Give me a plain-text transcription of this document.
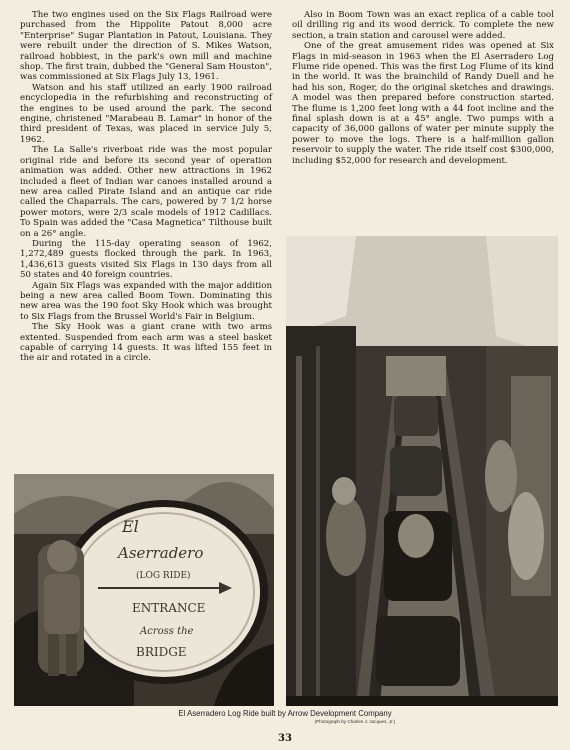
The two engines used on the Six Flags Railroad were purchased from the Hippolite Patout 8,000 acre "Enterprise" Sugar Plantation in Patout, Louisiana. They were rebuilt under the direction of S. Mikes Watson, railroad hobbiest, in the park's own mill and machine shop. The first train, dubbed the "General Sam Houston", was commissioned at Six Flags July 13, 1961.

Watson and his staff utilized an early 1900 railroad encyclopedia in the refurbishing and reconstructing of the engines to be used around the park. The second engine, christened "Marabeau B. Lamar" in honor of the third president of Texas, was placed in service July 5, 1962.

The La Salle's riverboat ride was the most popular original ride and before its second year of operation animation was added. Other new attractions in 1962 included a fleet of Indian war canoes installed around a new area called Pirate Island and an antique car ride called the Chaparrals. The cars, powered by 7 1/2 horse power motors, were 2/3 scale models of 1912 Cadillacs. To Spain was added the "Casa Magnetica" Tilthouse built on a 26° angle.

During the 115-day operating season of 1962, 1,272,489 guests flocked through the park. In 1963, 1,436,613 guests visited Six Flags in 130 days from all 50 states and 40 foreign countries.

Again Six Flags was expanded with the major addition being a new area called Boom Town. Dominating this new area was the 190 foot Sky Hook which was brought to Six Flags from the Brussel World's Fair in Belgium.

The Sky Hook was a giant crane with two arms extented. Suspended from each arm was a steel basket capable of carrying 14 guests. It was lifted 155 feet in the air and rotated in a circle.

Also in Boom Town was an exact replica of a cable tool oil drilling rig and its wood derrick. To complete the new section, a train station and carousel were added.

One of the great amusement rides was opened at Six Flags in mid-season in 1963 when the El Aserradero Log Flume ride opened. This was the first Log Flume of its kind in the world. It was the brainchild of Randy Duell and he had his son, Roger, do the original sketches and drawings. A model was then prepared before construction started. The flume is 1,200 feet long with a 44 foot incline and the final splash down is at a 45° angle. Two pumps with a capacity of 36,000 gallons of water per minute supply the power to move the logs. There is a half-million gallon reservoir to supply the water. The ride itself cost $300,000, including $52,000 for research and development.

El
Aserradero
(LOG RIDE)
ENTRANCE
Across the
BRIDGE
El Aserradero Log Ride built by Arrow Development Company
(Photograph by Charles J. Jacques, Jr.)
33
